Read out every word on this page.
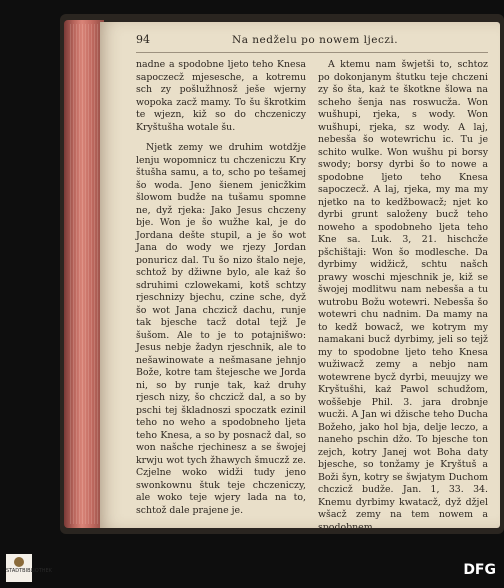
94	Na nedželu po nowem ljeczi.

nadne a spodobne ljeto teho Knesa sapoczecž mjesesche, a kotremu sch zy pošlužhnosž ješe wjerny wopoka zacž mamy. To šu škrotkim te wjezn, kiž so do chczeniczy Kryštušha wotale šu.

Njetk zemy we druhim wotdžje lenju wopomnicz tu chczeniczu Kry štušha samu, a to, scho po tešamej šo woda. Jeno šienem jenicžkim šlowom budže na tušamu spomne ne, dyž rjeka: Jako Jesus chczeny bje. Won je šo wužhe kal, je do Jordana dešte stupil, a je šo wot Jana do wody we rjezy Jordan ponuricz dal. Tu šo nizo štalo neje, schtož by džiwne bylo, ale każ šo sdruhimi czlowekami, kotš schtzy rjeschnizy bjechu, czine sche, dyž šo wot Jana chczicž dachu, runje tak bjesche tacž dotal tejž Je šušom. Ale to je to potajnišwo: Jesus nebje žadyn rjeschnik, ale to nešawinowate a nešmasane jehnjo Bože, kotre tam štejesche we Jorda ni, so by runje tak, każ druhy rjesch nizy, šo chczicž dal, a so by pschi tej škladnoszi spoczatk ezinil teho no weho a spodobneho ljeta teho Knesa, a so by posnacž dal, so won našche rjechinesz a se šwojej krwju wot tych žhawych šmuczž ze. Czjelne woko widži tudy jeno swonkownu štuk teje chczeniczy, ale woko teje wjery lada na to, schtož dale prajene je.

A ktemu nam šwjetši to, schtoz po dokonjanym štutku teje chczeni zy šo šta, każ te škotkne šlowa na scheho šenja nas roswucža. Won wušhupi, rjeka, s wody. Won wušhupi, rjeka, sz wody. A laj, nebesša šo wotewrichu ic. Tu je schito wulke. Won wušhu pi borsy swody; borsy dyrbi šo to nowe a spodobne ljeto teho Knesa sapoczecž. A laj, rjeka, my ma my njetko na to kedžbowacž; njet ko dyrbi grunt saloženy bucž teho noweho a spodobneho ljeta teho Kne sa. Luk. 3, 21. hischcže pšchištaji: Won šo modlesche. Da dyrbimy widžicž, schtu našch prawy woschi mjeschnik je, kiž se šwojej modlitwu nam nebesša a tu wutrobu Božu wotewri. Nebesša šo wotewri chu nadnim. Da mamy na to kedž bowacž, we kotrym my namakani bucž dyrbimy, jeli so tejž my to spodobne ljeto teho Knesa wužiwacž zemy a nebjo nam wotewrene bycž dyrbi, meuujzy we Kryštušhi, każ Pawol schudžom, woššebje Phil. 3. jara drobnje wucži. A Jan wi džische teho Ducha Božeho, jako hol bja, delje leczo, a naneho pschin džo. To bjesche ton zejch, kotry Janej wot Boha daty bjesche, so tonžamy je Kryštuš a Boži šyn, kotry se šwjatym Duchom chczicž budže. Jan. 1, 33. 34. Knemu dyrbimy kwatacž, dyž džjel wšacž zemy na tem nowem a spodobnem

STADTBIBLIOTHEK	DFG
